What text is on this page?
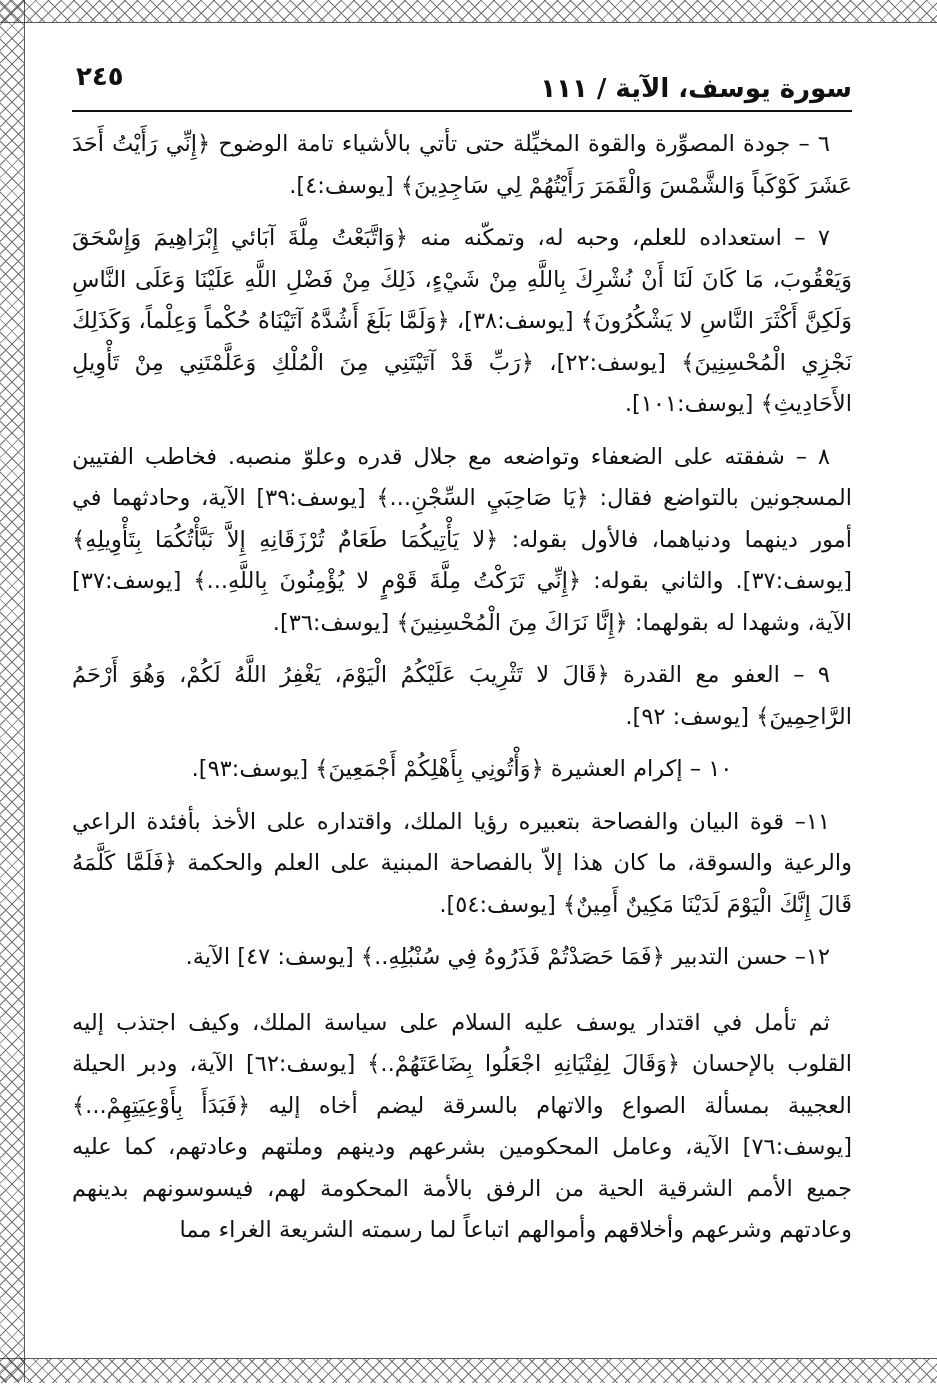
سورة يوسف، الآية / ١١١
٢٤٥

٦ – جودة المصوِّرة والقوة المخيِّلة حتى تأتي بالأشياء تامة الوضوح ﴿إِنِّي رَأَيْتُ أَحَدَ عَشَرَ كَوْكَباً وَالشَّمْسَ وَالْقَمَرَ رَأَيْتُهُمْ لِي سَاجِدِينَ﴾ [يوسف:٤].

٧ – استعداده للعلم، وحبه له، وتمكّنه منه ﴿وَاتَّبَعْتُ مِلَّةَ آبَائي إِبْرَاهِيمَ وَإِسْحَقَ وَيَعْقُوبَ، مَا كَانَ لَنَا أَنْ نُشْرِكَ بِاللَّهِ مِنْ شَيْءٍ، ذَلِكَ مِنْ فَضْلِ اللَّهِ عَلَيْنَا وَعَلَى النَّاسِ وَلَكِنَّ أَكْثَرَ النَّاسِ لا يَشْكُرُونَ﴾ [يوسف:٣٨]، ﴿وَلَمَّا بَلَغَ أَشُدَّهُ آتَيْنَاهُ حُكْماً وَعِلْماً، وَكَذَلِكَ نَجْزِي الْمُحْسِنِينَ﴾ [يوسف:٢٢]، ﴿رَبِّ قَدْ آتَيْتَنِي مِنَ الْمُلْكِ وَعَلَّمْتَنِي مِنْ تَأْوِيلِ الأَحَادِيثِ﴾ [يوسف:١٠١].

٨ – شفقته على الضعفاء وتواضعه مع جلال قدره وعلوّ منصبه. فخاطب الفتيين المسجونين بالتواضع فقال: ﴿يَا صَاحِبَيِ السِّجْنِ...﴾ [يوسف:٣٩] الآية، وحادثهما في أمور دينهما ودنياهما، فالأول بقوله: ﴿لا يَأْتِيكُمَا طَعَامٌ تُرْزَقَانِهِ إِلاَّ نَبَّأْتُكُمَا بِتَأْوِيلِهِ﴾ [يوسف:٣٧]. والثاني بقوله: ﴿إِنِّي تَرَكْتُ مِلَّةَ قَوْمٍ لا يُؤْمِنُونَ بِاللَّهِ...﴾ [يوسف:٣٧] الآية، وشهدا له بقولهما: ﴿إِنَّا نَرَاكَ مِنَ الْمُحْسِنِينَ﴾ [يوسف:٣٦].

٩ – العفو مع القدرة ﴿قَالَ لا تَثْرِيبَ عَلَيْكُمُ الْيَوْمَ، يَغْفِرُ اللَّهُ لَكُمْ، وَهُوَ أَرْحَمُ الرَّاحِمِينَ﴾ [يوسف: ٩٢].

١٠ – إكرام العشيرة ﴿وَأْتُونِي بِأَهْلِكُمْ أَجْمَعِينَ﴾ [يوسف:٩٣].

١١– قوة البيان والفصاحة بتعبيره رؤيا الملك، واقتداره على الأخذ بأفئدة الراعي والرعية والسوقة، ما كان هذا إلاّ بالفصاحة المبنية على العلم والحكمة ﴿فَلَمَّا كَلَّمَهُ قَالَ إِنَّكَ الْيَوْمَ لَدَيْنَا مَكِينٌ أَمِينٌ﴾ [يوسف:٥٤].

١٢– حسن التدبير ﴿فَمَا حَصَدْتُمْ فَذَرُوهُ فِي سُنْبُلِهِ..﴾ [يوسف: ٤٧] الآية.

ثم تأمل في اقتدار يوسف عليه السلام على سياسة الملك، وكيف اجتذب إليه القلوب بالإحسان ﴿وَقَالَ لِفِتْيَانِهِ اجْعَلُوا بِضَاعَتَهُمْ..﴾ [يوسف:٦٢] الآية، ودبر الحيلة العجيبة بمسألة الصواع والاتهام بالسرقة ليضم أخاه إليه ﴿فَبَدَأَ بِأَوْعِيَتِهِمْ...﴾ [يوسف:٧٦] الآية، وعامل المحكومين بشرعهم ودينهم وملتهم وعادتهم، كما عليه جميع الأمم الشرقية الحية من الرفق بالأمة المحكومة لهم، فيسوسونهم بدينهم وعادتهم وشرعهم وأخلاقهم وأموالهم اتباعاً لما رسمته الشريعة الغراء مما
